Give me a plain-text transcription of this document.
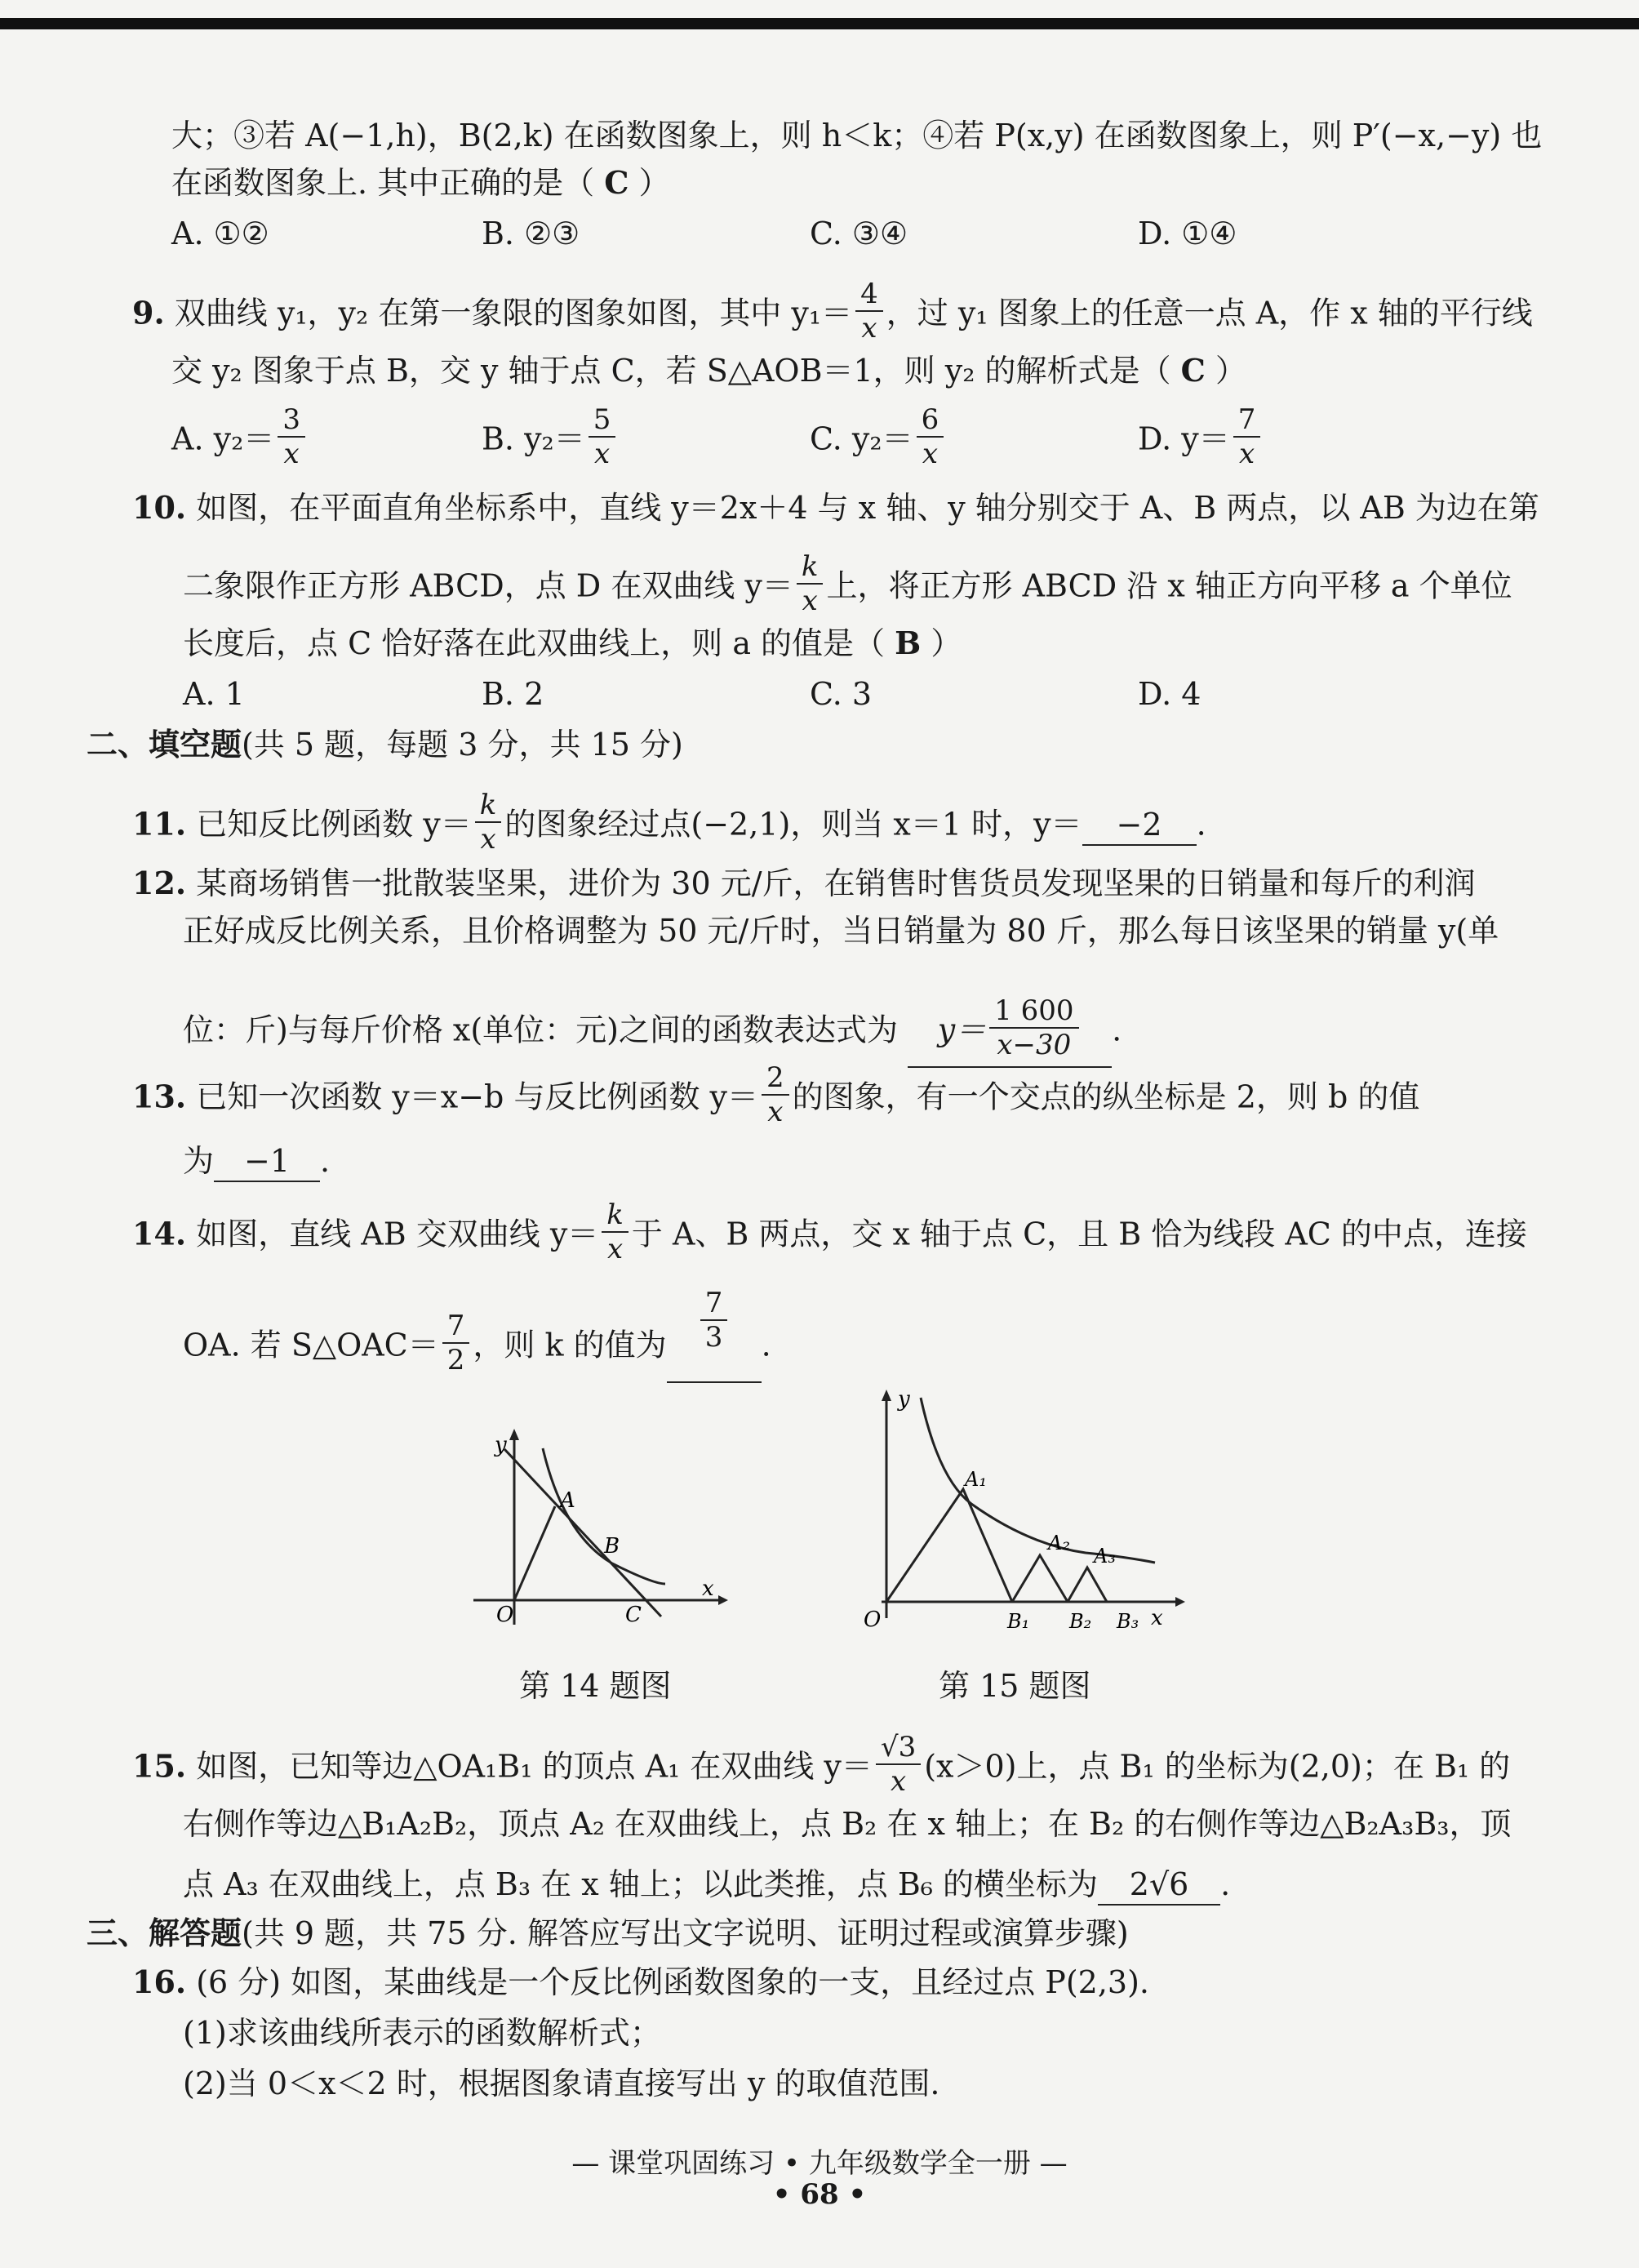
大；③若 A(−1,h)，B(2,k) 在函数图象上，则 h＜k；④若 P(x,y) 在函数图象上，则 P′(−x,−y) 也
在函数图象上. 其中正确的是（ C ）
A. ①②	B. ②③	C. ③④	D. ①④
9. 双曲线 y₁，y₂ 在第一象限的图象如图，其中 $y_1= \frac{4}{x}$ ，过 y₁ 图象上的任意一点 A，作 x 轴的平行线
交 y₂ 图象于点 B，交 y 轴于点 C，若 S△AOB＝1，则 y₂ 的解析式是（ C ）
A. $y_2= \frac{3}{x}$	B. $y_2= \frac{5}{x}$	C. $y_2= \frac{6}{x}$	D. $y= \frac{7}{x}$
10. 如图，在平面直角坐标系中，直线 y＝2x＋4 与 x 轴、y 轴分别交于 A、B 两点，以 AB 为边在第
二象限作正方形 ABCD，点 D 在双曲线 $y= \frac{k}{x}$ 上，将正方形 ABCD 沿 x 轴正方向平移 a 个单位
长度后，点 C 恰好落在此双曲线上，则 a 的值是（ B ）
A. 1	B. 2	C. 3	D. 4
二、填空题(共 5 题，每题 3 分，共 15 分)
11. 已知反比例函数 $y= \frac{k}{x}$ 的图象经过点(−2,1)，则当 x＝1 时，y＝ −2 .
12. 某商场销售一批散装坚果，进价为 30 元/斤，在销售时售货员发现坚果的日销量和每斤的利润
正好成反比例关系，且价格调整为 50 元/斤时，当日销量为 80 斤，那么每日该坚果的销量 y(单
位：斤)与每斤价格 x(单位：元)之间的函数表达式为 $y= \frac{1 600}{x-30}$ .
13. 已知一次函数 y＝x−b 与反比例函数 $y= \frac{2}{x}$ 的图象，有一个交点的纵坐标是 2，则 b 的值
为 −1 .
14. 如图，直线 AB 交双曲线 $y= \frac{k}{x}$ 于 A、B 两点，交 x 轴于点 C，且 B 恰为线段 AC 的中点，连接
OA. 若 S△OAC＝ $\frac{7}{2}$ ，则 k 的值为 $\frac{7}{3}$ .
y
x
O
A
B
C
第 14 题图
y
x
O
A₁
A₂
A₃
B₁ B₂ B₃
第 15 题图
15. 如图，已知等边△OA₁B₁ 的顶点 A₁ 在双曲线 $y= \frac{√3}{x} (x>0)$上，点 B₁ 的坐标为(2,0)；在 B₁ 的
右侧作等边△B₁A₂B₂，顶点 A₂ 在双曲线上，点 B₂ 在 x 轴上；在 B₂ 的右侧作等边△B₂A₃B₃，顶
点 A₃ 在双曲线上，点 B₃ 在 x 轴上；以此类推，点 B₆ 的横坐标为 2√6 .
三、解答题(共 9 题，共 75 分. 解答应写出文字说明、证明过程或演算步骤)
16. (6 分) 如图，某曲线是一个反比例函数图象的一支，且经过点 P(2,3).
(1)求该曲线所表示的函数解析式；
(2)当 0＜x＜2 时，根据图象请直接写出 y 的取值范围.
— 课堂巩固练习 • 九年级数学全一册 —
• 68 •
